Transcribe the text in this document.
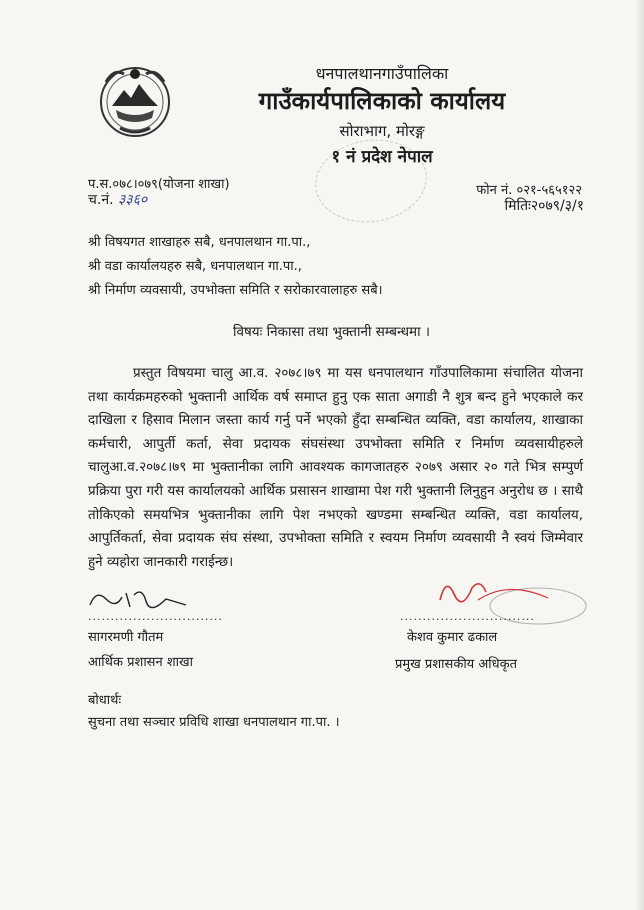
धनपालथानगाउँपालिका
गाउँकार्यपालिकाको कार्यालय
सोराभाग, मोरङ्ग
१ नं प्रदेश नेपाल
प.स.०७८।०७९(योजना शाखा)
च.नं. ३३६०
फोन नं. ०२१-५६५१२२
मितिः२०७९/३/१
श्री विषयगत शाखाहरु सबै, धनपालथान गा.पा.,
श्री वडा कार्यालयहरु सबै, धनपालथान गा.पा.,
श्री निर्माण व्यवसायी, उपभोक्ता समिति र सरोकारवालाहरु सबै।
विषयः निकासा तथा भुक्तानी सम्बन्धमा ।
प्रस्तुत विषयमा चालु आ.व. २०७८।७९ मा यस धनपालथान गाँउपालिकामा संचालित योजना तथा कार्यक्रमहरुको भुक्तानी आर्थिक वर्ष समाप्त हुनु एक साता अगाडी नै शुत्र बन्द हुने भएकाले कर दाखिला र हिसाव मिलान जस्ता कार्य गर्नु पर्ने भएको हुँदा सम्बन्धित व्यक्ति, वडा कार्यालय, शाखाका कर्मचारी, आपुर्ती कर्ता, सेवा प्रदायक संघसंस्था उपभोक्ता समिति र निर्माण व्यवसायीहरुले चालुआ.व.२०७८।७९ मा भुक्तानीका लागि आवश्यक कागजातहरु २०७९ असार २० गते भित्र सम्पुर्ण प्रक्रिया पुरा गरी यस कार्यालयको आर्थिक प्रसासन शाखामा पेश गरी भुक्तानी लिनुहुन अनुरोध छ । साथै तोकिएको समयभित्र भुक्तानीका लागि पेश नभएको खण्डमा सम्बन्धित व्यक्ति, वडा कार्यालय, आपुर्तिकर्ता, सेवा प्रदायक संघ संस्था, उपभोक्ता समिति र स्वयम निर्माण व्यवसायी नै स्वयं जिम्मेवार हुने व्यहोरा जानकारी गराईन्छ।
..............................	..............................
सागरमणी गौतम
आर्थिक प्रशासन शाखा
केशव कुमार ढकाल
प्रमुख प्रशासकीय अधिकृत
बोधार्थः
सुचना तथा सञ्चार प्रविधि शाखा धनपालथान गा.पा. ।
